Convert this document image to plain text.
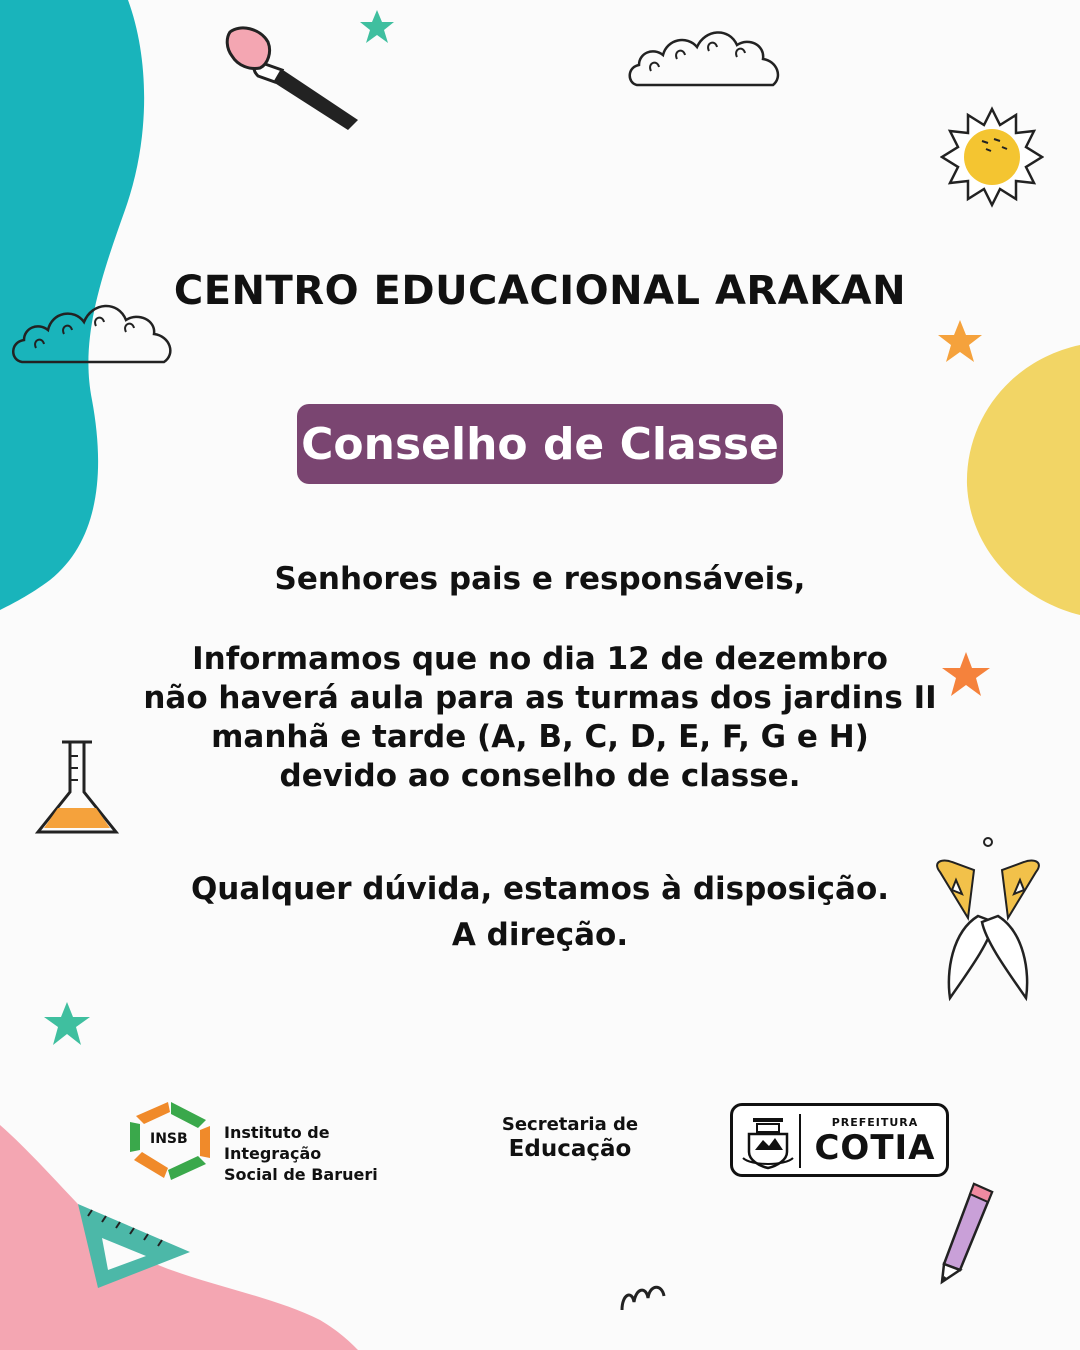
CENTRO EDUCACIONAL ARAKAN
Conselho de Classe
Senhores pais e responsáveis,
Informamos que no dia 12 de dezembro
não haverá aula para as turmas dos jardins II
manhã e tarde (A, B, C, D, E, F, G e H)
devido ao conselho de classe.
Qualquer dúvida, estamos à disposição.
A direção.
INSB Instituto de Integração
Social de Barueri
Secretaria de
Educação
PREFEITURA
COTIA
